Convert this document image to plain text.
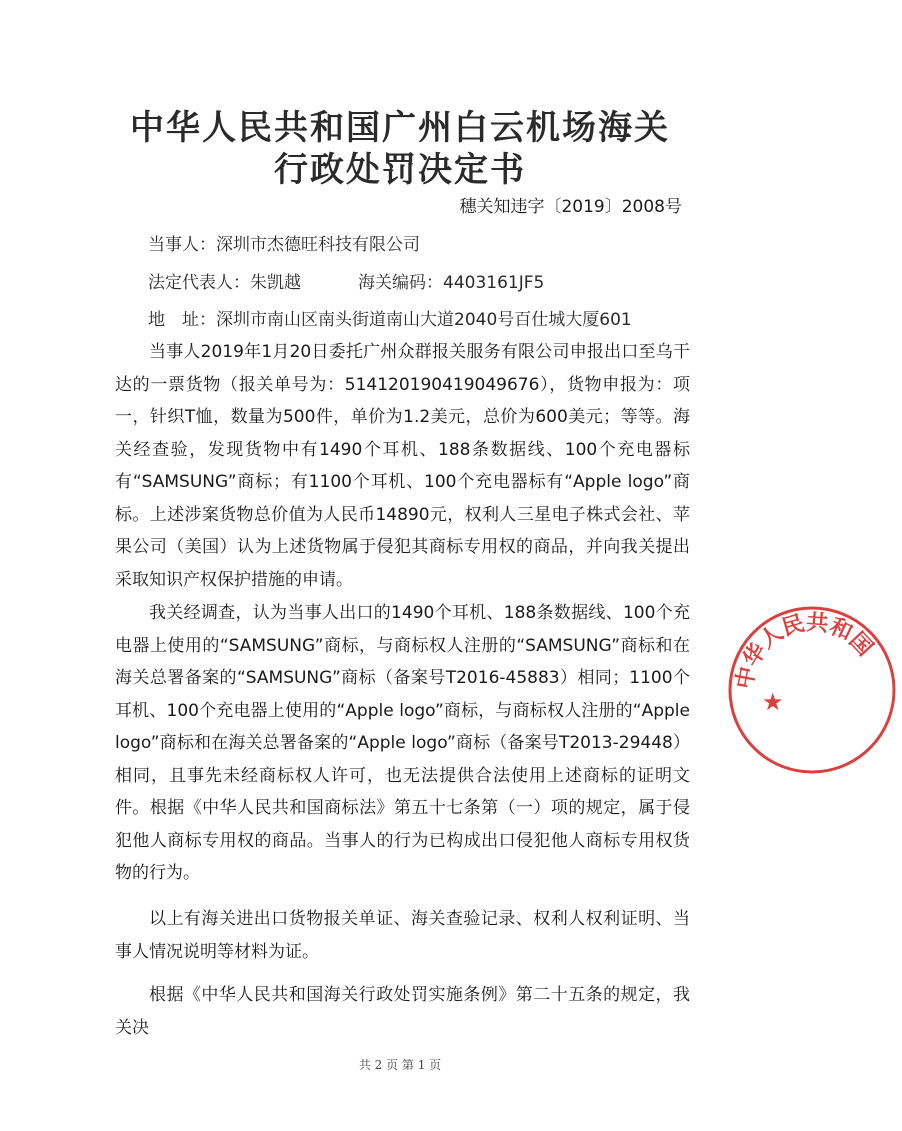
中华人民共和国广州白云机场海关
行政处罚决定书
穗关知违字〔2019〕2008号
当事人：深圳市杰德旺科技有限公司
法定代表人：朱凯越	海关编码：4403161JF5
地　址：深圳市南山区南头街道南山大道2040号百仕城大厦601
当事人2019年1月20日委托广州众群报关服务有限公司申报出口至乌干达的一票货物（报关单号为：514120190419049676），货物申报为：项一，针织T恤，数量为500件，单价为1.2美元，总价为600美元；等等。海关经查验，发现货物中有1490个耳机、188条数据线、100个充电器标有“SAMSUNG”商标；有1100个耳机、100个充电器标有“Apple logo”商标。上述涉案货物总价值为人民币14890元，权利人三星电子株式会社、苹果公司（美国）认为上述货物属于侵犯其商标专用权的商品，并向我关提出采取知识产权保护措施的申请。
我关经调查，认为当事人出口的1490个耳机、188条数据线、100个充电器上使用的“SAMSUNG”商标，与商标权人注册的“SAMSUNG”商标和在海关总署备案的“SAMSUNG”商标（备案号T2016-45883）相同；1100个耳机、100个充电器上使用的“Apple logo”商标，与商标权人注册的“Apple logo”商标和在海关总署备案的“Apple logo”商标（备案号T2013-29448）相同，且事先未经商标权人许可，也无法提供合法使用上述商标的证明文件。根据《中华人民共和国商标法》第五十七条第（一）项的规定，属于侵犯他人商标专用权的商品。当事人的行为已构成出口侵犯他人商标专用权货物的行为。
以上有海关进出口货物报关单证、海关查验记录、权利人权利证明、当事人情况说明等材料为证。
根据《中华人民共和国海关行政处罚实施条例》第二十五条的规定，我关决
共 2 页 第 1 页
中华人民共和国
★
